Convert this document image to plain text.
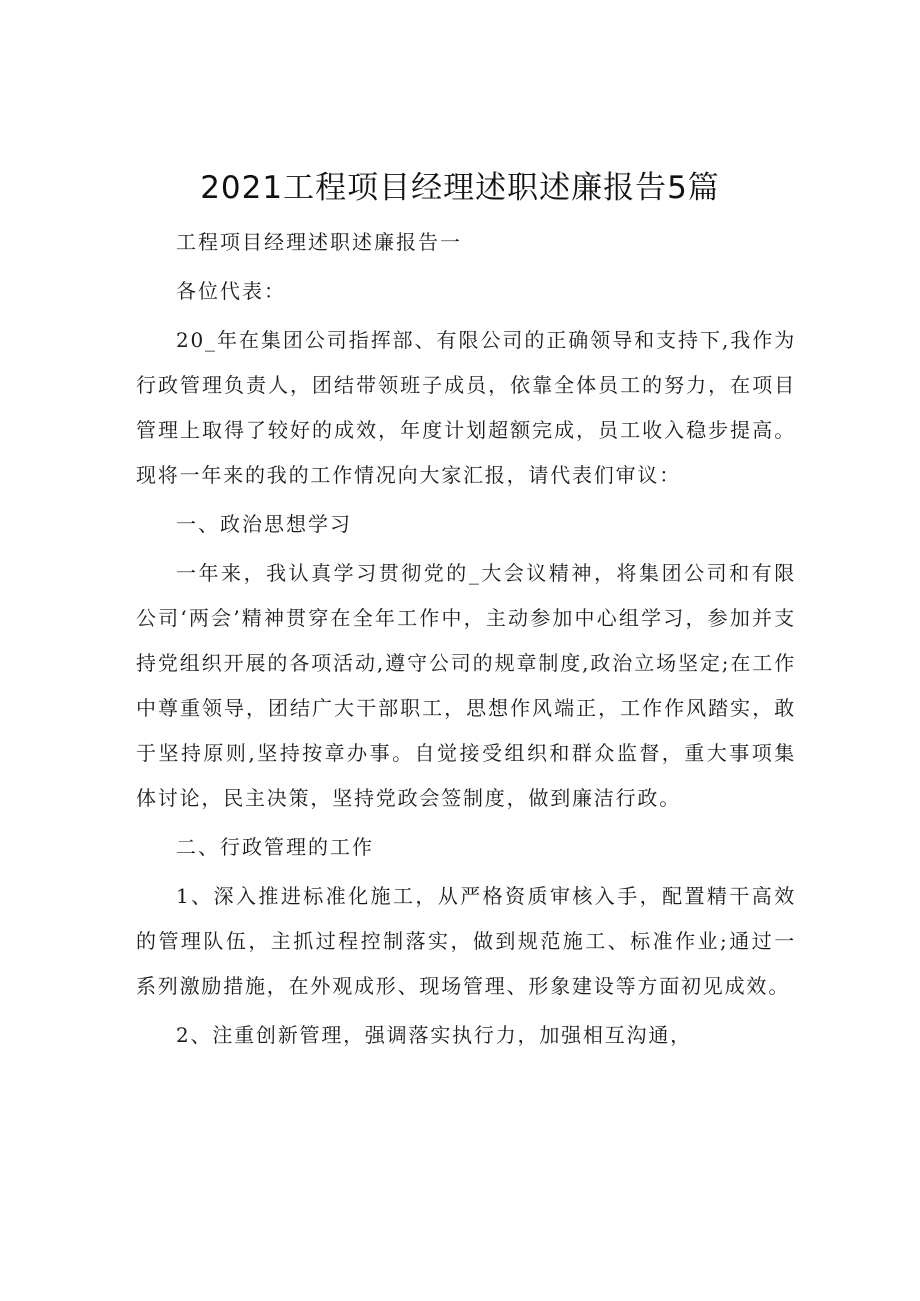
2021工程项目经理述职述廉报告5篇

工程项目经理述职述廉报告一

各位代表：

20_年在集团公司指挥部、有限公司的正确领导和支持下,我作为行政管理负责人，团结带领班子成员，依靠全体员工的努力，在项目管理上取得了较好的成效，年度计划超额完成，员工收入稳步提高。现将一年来的我的工作情况向大家汇报，请代表们审议：

一、政治思想学习

一年来，我认真学习贯彻党的_大会议精神，将集团公司和有限公司‘两会’精神贯穿在全年工作中，主动参加中心组学习，参加并支持党组织开展的各项活动,遵守公司的规章制度,政治立场坚定;在工作中尊重领导，团结广大干部职工，思想作风端正，工作作风踏实，敢于坚持原则,坚持按章办事。自觉接受组织和群众监督，重大事项集体讨论，民主决策，坚持党政会签制度，做到廉洁行政。

二、行政管理的工作

1、深入推进标准化施工，从严格资质审核入手，配置精干高效的管理队伍，主抓过程控制落实，做到规范施工、标准作业;通过一系列激励措施，在外观成形、现场管理、形象建设等方面初见成效。

2、注重创新管理，强调落实执行力，加强相互沟通，
